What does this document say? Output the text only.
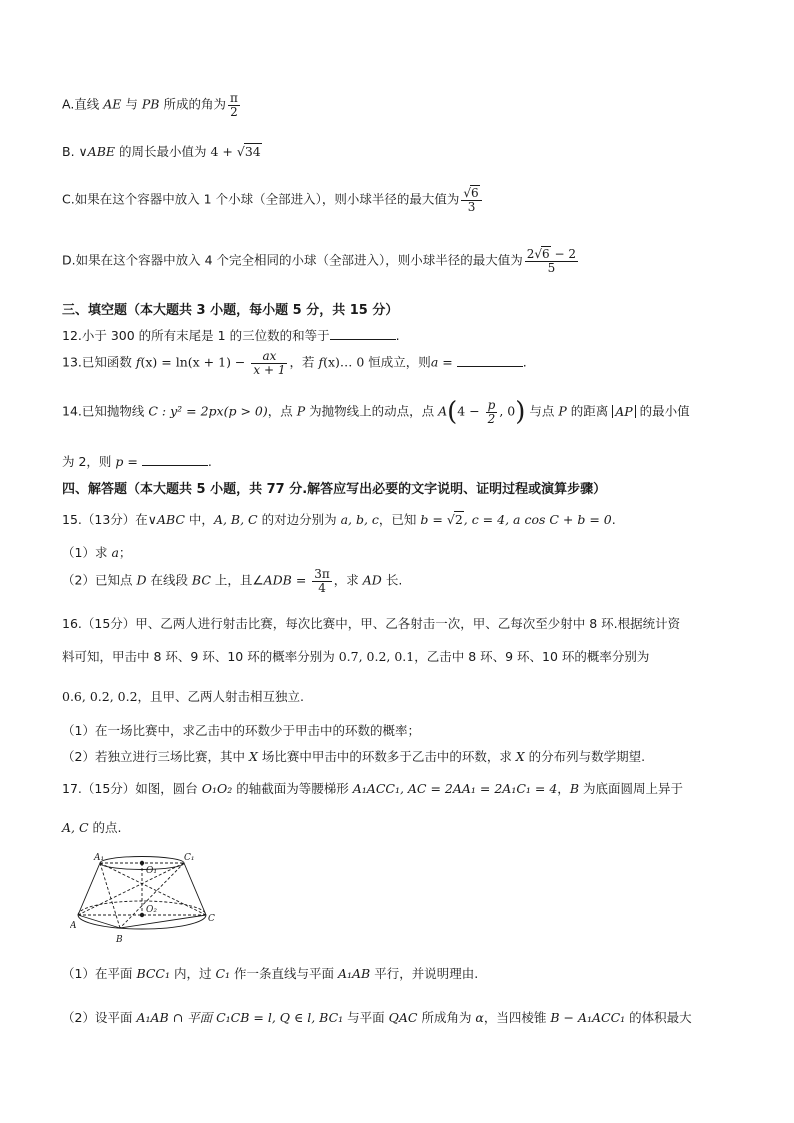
A.直线 AE 与 PB 所成的角为 $\frac{\pi}{2}$
B. ∨ABE 的周长最小值为 4 + √34
C.如果在这个容器中放入 1 个小球（全部进入），则小球半径的最大值为 $\frac{√6}{3}$
D.如果在这个容器中放入 4 个完全相同的小球（全部进入），则小球半径的最大值为 $\frac{2√6 - 2}{5}$
三、填空题（本大题共 3 小题，每小题 5 分，共 15 分）
12.小于 300 的所有末尾是 1 的三位数的和等于	.
13.已知函数 $f(x) = \ln(x + 1) - \frac{ax}{x + 1}$ ，若 f(x)… 0 恒成立，则a =	.
14.已知抛物线 C : y² = 2px(p > 0)，点 P 为抛物线上的动点，点 $A(4 - \frac{p}{2}$ , 0) 与点 P 的距离 AP 的最小值
为 2，则 p =	.
四、解答题（本大题共 5 小题，共 77 分.解答应写出必要的文字说明、证明过程或演算步骤）
15.（13分）在∨ABC 中，A, B, C 的对边分别为 a, b, c，已知 b = √2, c = 4, a cos C + b = 0.
（1）求 a；
（2）已知点 D 在线段 BC 上，且∠ADB = $\frac{3\pi}{4}$ ，求 AD 长.
16.（15分）甲、乙两人进行射击比赛，每次比赛中，甲、乙各射击一次，甲、乙每次至少射中 8 环.根据统计资
料可知，甲击中 8 环、9 环、10 环的概率分别为 0.7, 0.2, 0.1，乙击中 8 环、9 环、10 环的概率分别为
0.6, 0.2, 0.2，且甲、乙两人射击相互独立.
（1）在一场比赛中，求乙击中的环数少于甲击中的环数的概率；
（2）若独立进行三场比赛，其中 X 场比赛中甲击中的环数多于乙击中的环数，求 X 的分布列与数学期望.
17.（15分）如图，圆台 O₁O₂ 的轴截面为等腰梯形 A₁ACC₁, AC = 2AA₁ = 2A₁C₁ = 4，B 为底面圆周上异于
A, C 的点.
A₁	C₁
O₁
O₂
A
B
C
（1）在平面 BCC₁ 内，过 C₁ 作一条直线与平面 A₁AB 平行，并说明理由.
（2）设平面 A₁AB ∩ 平面 C₁CB = l, Q ∈ l, BC₁ 与平面 QAC 所成角为 α，当四棱锥 B − A₁ACC₁ 的体积最大
